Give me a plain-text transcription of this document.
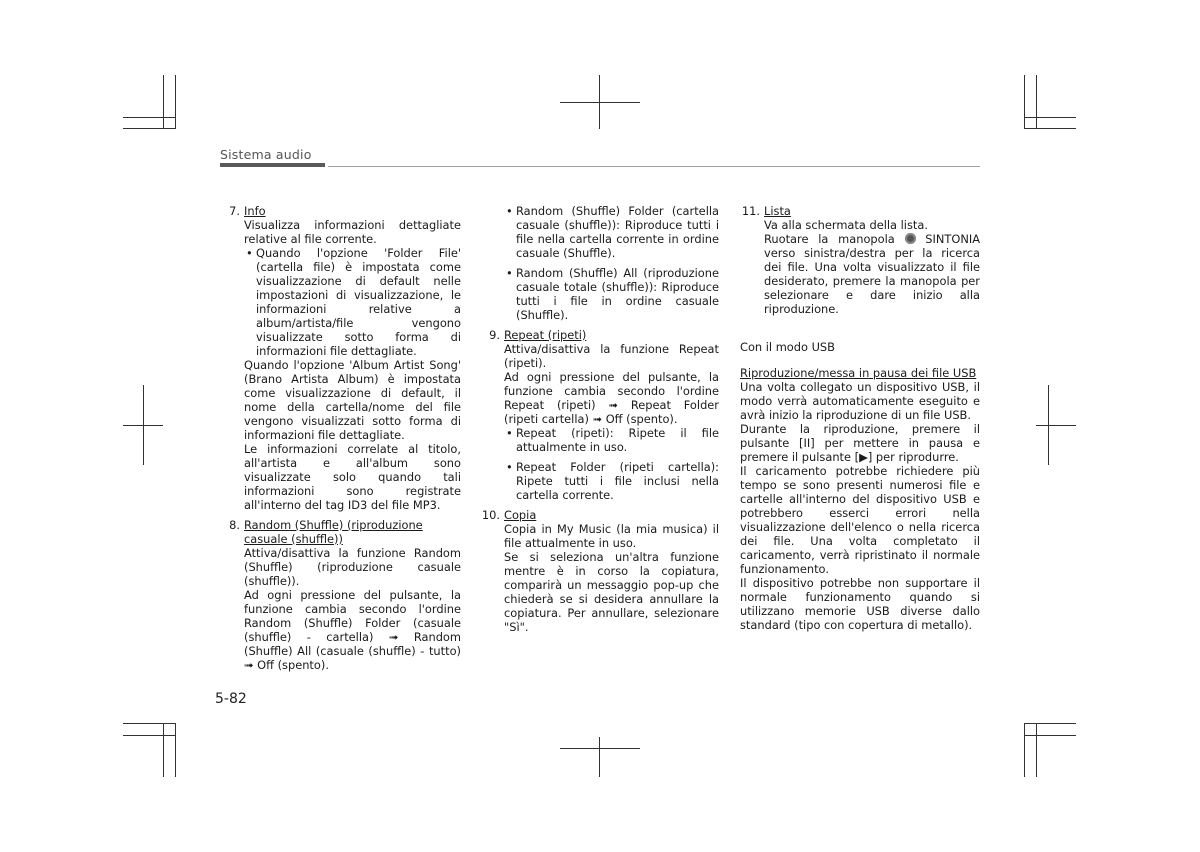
Sistema audio
7. Info

Visualizza informazioni dettagliate relative al file corrente.

• Quando l'opzione 'Folder File' (cartella file) è impostata come visualizzazione di default nelle impostazioni di visualizzazione, le informazioni relative a album/artista/file vengono visualizzate sotto forma di informazioni file dettagliate.

Quando l'opzione 'Album Artist Song' (Brano Artista Album) è impostata come visualizzazione di default, il nome della cartella/nome del file vengono visualizzati sotto forma di informazioni file dettagliate.

Le informazioni correlate al titolo, all'artista e all'album sono visualizzate solo quando tali informazioni sono registrate all'interno del tag ID3 del file MP3.

8. Random (Shuffle) (riproduzione casuale (shuffle))

Attiva/disattiva la funzione Random (Shuffle) (riproduzione casuale (shuffle)).

Ad ogni pressione del pulsante, la funzione cambia secondo l'ordine Random (Shuffle) Folder (casuale (shuffle) - cartella) ➟ Random (Shuffle) All (casuale (shuffle) - tutto) ➟ Off (spento).

• Random (Shuffle) Folder (cartella casuale (shuffle)): Riproduce tutti i file nella cartella corrente in ordine casuale (Shuffle).
• Random (Shuffle) All (riproduzione casuale totale (shuffle)): Riproduce tutti i file in ordine casuale (Shuffle).
9. Repeat (ripeti)

Attiva/disattiva la funzione Repeat (ripeti).

Ad ogni pressione del pulsante, la funzione cambia secondo l'ordine Repeat (ripeti) ➟ Repeat Folder (ripeti cartella) ➟ Off (spento).

• Repeat (ripeti): Ripete il file attualmente in uso.
• Repeat Folder (ripeti cartella): Ripete tutti i file inclusi nella cartella corrente.
10. Copia

Copia in My Music (la mia musica) il file attualmente in uso.

Se si seleziona un'altra funzione mentre è in corso la copiatura, comparirà un messaggio pop-up che chiederà se si desidera annullare la copiatura. Per annullare, selezionare "Sì".

11. Lista

Va alla schermata della lista.

Ruotare la manopola  SINTONIA verso sinistra/destra per la ricerca dei file. Una volta visualizzato il file desiderato, premere la manopola per selezionare e dare inizio alla riproduzione.

Con il modo USB

Riproduzione/messa in pausa dei file USB

Una volta collegato un dispositivo USB, il modo verrà automaticamente eseguito e avrà inizio la riproduzione di un file USB.

Durante la riproduzione, premere il pulsante [II] per mettere in pausa e premere il pulsante [▶] per riprodurre.

Il caricamento potrebbe richiedere più tempo se sono presenti numerosi file e cartelle all'interno del dispositivo USB e potrebbero esserci errori nella visualizzazione dell'elenco o nella ricerca dei file. Una volta completato il caricamento, verrà ripristinato il normale funzionamento.

Il dispositivo potrebbe non supportare il normale funzionamento quando si utilizzano memorie USB diverse dallo standard (tipo con copertura di metallo).

5-82
